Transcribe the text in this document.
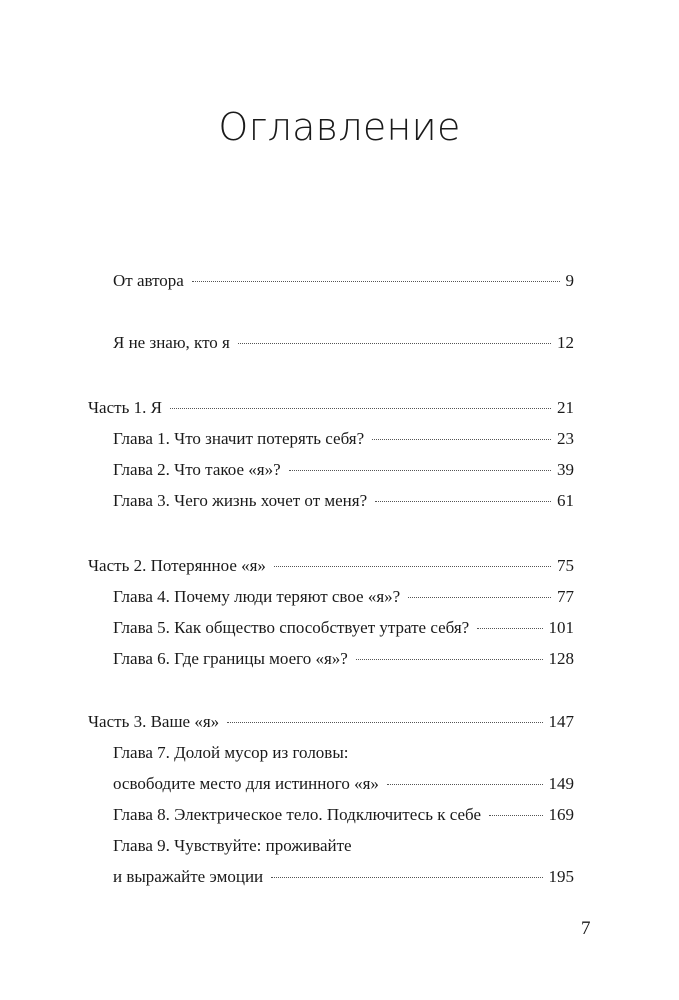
Оглавление
От автора	9
Я не знаю, кто я	12
Часть 1. Я	21
Глава 1. Что значит потерять себя?	23
Глава 2. Что такое «я»?	39
Глава 3. Чего жизнь хочет от меня?	61
Часть 2. Потерянное «я»	75
Глава 4. Почему люди теряют свое «я»?	77
Глава 5. Как общество способствует утрате себя?	101
Глава 6. Где границы моего «я»?	128
Часть 3. Ваше «я»	147
Глава 7. Долой мусор из головы:
освободите место для истинного «я»	149
Глава 8. Электрическое тело. Подключитесь к себе	169
Глава 9. Чувствуйте: проживайте
и выражайте эмоции	195
7
